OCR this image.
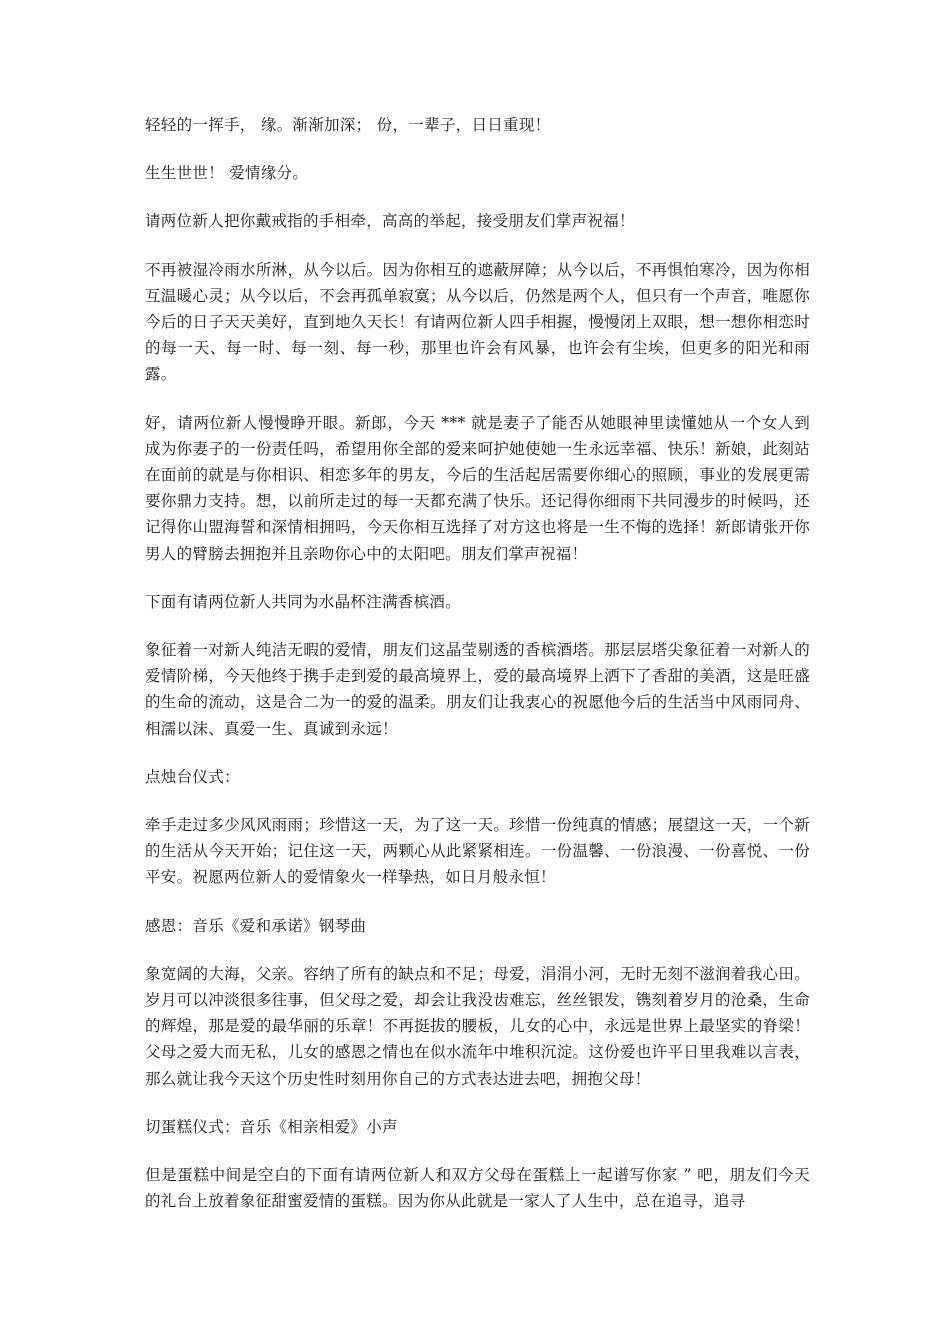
轻轻的一挥手， 缘。渐渐加深； 份，一辈子，日日重现！

生生世世！ 爱情缘分。

请两位新人把你戴戒指的手相牵，高高的举起，接受朋友们掌声祝福！

不再被湿冷雨水所淋，从今以后。因为你相互的遮蔽屏障；从今以后，不再惧怕寒冷，因为你相互温暖心灵；从今以后，不会再孤单寂寞；从今以后，仍然是两个人，但只有一个声音，唯愿你今后的日子天天美好，直到地久天长！有请两位新人四手相握，慢慢闭上双眼，想一想你相恋时的每一天、每一时、每一刻、每一秒，那里也许会有风暴，也许会有尘埃，但更多的阳光和雨露。

好，请两位新人慢慢睁开眼。新郎，今天 *** 就是妻子了能否从她眼神里读懂她从一个女人到成为你妻子的一份责任吗，希望用你全部的爱来呵护她使她一生永远幸福、快乐！新娘，此刻站在面前的就是与你相识、相恋多年的男友，今后的生活起居需要你细心的照顾，事业的发展更需要你鼎力支持。想，以前所走过的每一天都充满了快乐。还记得你细雨下共同漫步的时候吗，还记得你山盟海誓和深情相拥吗，今天你相互选择了对方这也将是一生不悔的选择！新郎请张开你男人的臂膀去拥抱并且亲吻你心中的太阳吧。朋友们掌声祝福！

下面有请两位新人共同为水晶杯注满香槟酒。

象征着一对新人纯洁无暇的爱情，朋友们这晶莹剔透的香槟酒塔。那层层塔尖象征着一对新人的爱情阶梯，今天他终于携手走到爱的最高境界上，爱的最高境界上洒下了香甜的美酒，这是旺盛的生命的流动，这是合二为一的爱的温柔。朋友们让我衷心的祝愿他今后的生活当中风雨同舟、相濡以沫、真爱一生、真诚到永远！

点烛台仪式：

牵手走过多少风风雨雨；珍惜这一天，为了这一天。珍惜一份纯真的情感；展望这一天，一个新的生活从今天开始；记住这一天，两颗心从此紧紧相连。一份温馨、一份浪漫、一份喜悦、一份平安。祝愿两位新人的爱情象火一样挚热，如日月般永恒！

感恩：音乐《爱和承诺》钢琴曲

象宽阔的大海，父亲。容纳了所有的缺点和不足；母爱，涓涓小河，无时无刻不滋润着我心田。岁月可以冲淡很多往事，但父母之爱，却会让我没齿难忘，丝丝银发，镌刻着岁月的沧桑，生命的辉煌，那是爱的最华丽的乐章！不再挺拔的腰板，儿女的心中，永远是世界上最坚实的脊梁！父母之爱大而无私，儿女的感恩之情也在似水流年中堆积沉淀。这份爱也许平日里我难以言表，那么就让我今天这个历史性时刻用你自己的方式表达进去吧，拥抱父母！

切蛋糕仪式：音乐《相亲相爱》小声

但是蛋糕中间是空白的下面有请两位新人和双方父母在蛋糕上一起谱写你家 ” 吧，朋友们今天的礼台上放着象征甜蜜爱情的蛋糕。因为你从此就是一家人了人生中，总在追寻，追寻
